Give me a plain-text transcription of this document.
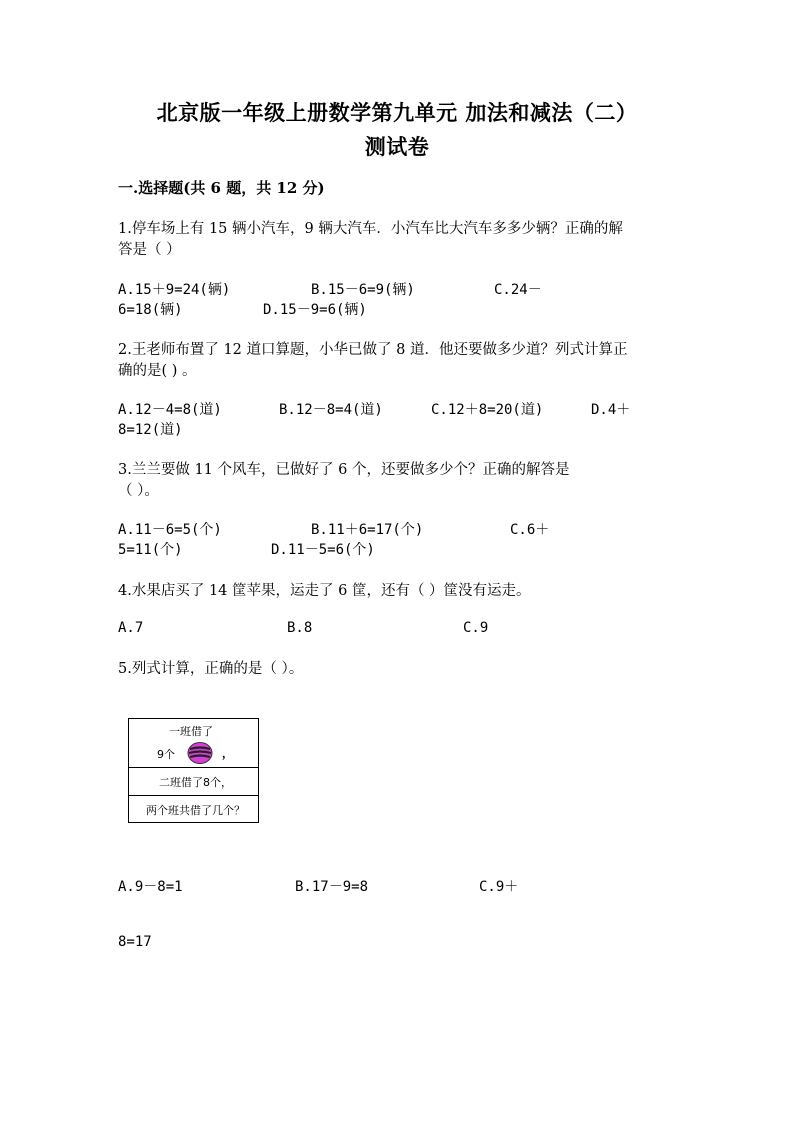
北京版一年级上册数学第九单元 加法和减法（二）
测试卷
一.选择题(共 6 题，共 12 分)
1.停车场上有 15 辆小汽车，9 辆大汽车．小汽车比大汽车多多少辆？正确的解
答是（ ）
A.15＋9=24(辆)	B.15－6=9(辆)	C.24－
6=18(辆)	D.15－9=6(辆)
2.王老师布置了 12 道口算题，小华已做了 8 道．他还要做多少道？列式计算正
确的是( ) 。
A.12－4=8(道)	B.12－8=4(道)	C.12＋8=20(道)	D.4＋
8=12(道)
3.兰兰要做 11 个风车，已做好了 6 个，还要做多少个？正确的解答是
（ ）。
A.11－6=5(个)	B.11＋6=17(个)	C.6＋
5=11(个)	D.11－5=6(个)
4.水果店买了 14 筐苹果，运走了 6 筐，还有（ ）筐没有运走。
A.7	B.8	C.9
5.列式计算，正确的是（ ）。
一班借了
9个	，
二班借了8个，
两个班共借了几个？
A.9－8=1	B.17－9=8	C.9＋
8=17
